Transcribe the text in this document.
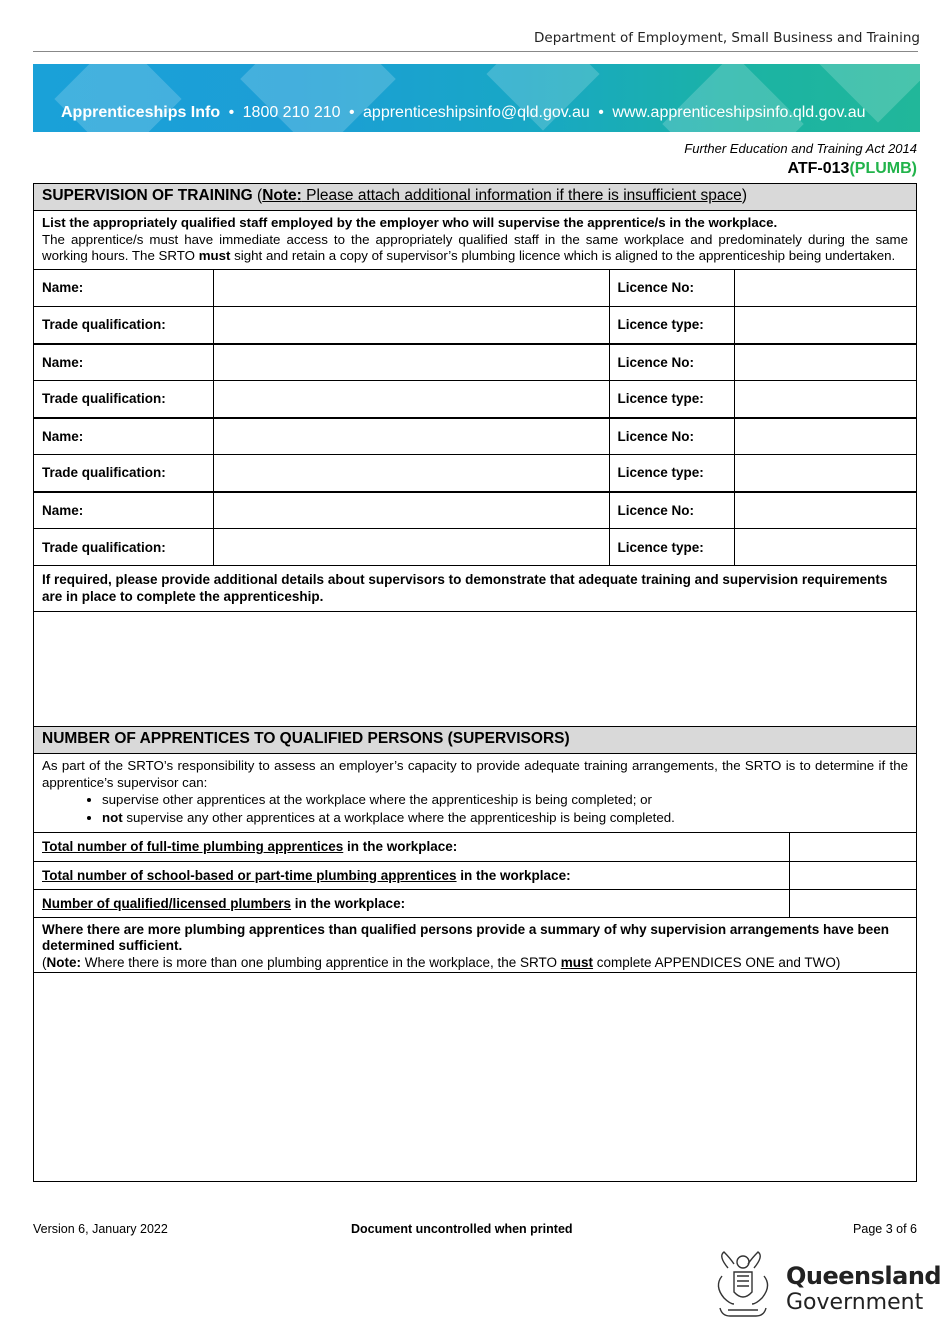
Department of Employment, Small Business and Training
Apprenticeships Info • 1800 210 210 • apprenticeshipsinfo@qld.gov.au • www.apprenticeshipsinfo.qld.gov.au
Further Education and Training Act 2014
ATF-013(PLUMB)
SUPERVISION OF TRAINING (Note: Please attach additional information if there is insufficient space)
List the appropriately qualified staff employed by the employer who will supervise the apprentice/s in the workplace.
The apprentice/s must have immediate access to the appropriately qualified staff in the same workplace and predominately during the same working hours. The SRTO must sight and retain a copy of supervisor’s plumbing licence which is aligned to the apprenticeship being undertaken.
Name:		Licence No:	
Trade qualification:		Licence type:	
Name:		Licence No:	
Trade qualification:		Licence type:	
Name:		Licence No:	
Trade qualification:		Licence type:	
Name:		Licence No:	
Trade qualification:		Licence type:	
If required, please provide additional details about supervisors to demonstrate that adequate training and supervision requirements are in place to complete the apprenticeship.
NUMBER OF APPRENTICES TO QUALIFIED PERSONS (SUPERVISORS)
As part of the SRTO’s responsibility to assess an employer’s capacity to provide adequate training arrangements, the SRTO is to determine if the apprentice’s supervisor can:
• supervise other apprentices at the workplace where the apprenticeship is being completed; or
• not supervise any other apprentices at a workplace where the apprenticeship is being completed.
Total number of full-time plumbing apprentices in the workplace:	
Total number of school-based or part-time plumbing apprentices in the workplace:	
Number of qualified/licensed plumbers in the workplace:	
Where there are more plumbing apprentices than qualified persons provide a summary of why supervision arrangements have been determined sufficient.
(Note: Where there is more than one plumbing apprentice in the workplace, the SRTO must complete APPENDICES ONE and TWO)
Version 6, January 2022	Document uncontrolled when printed	Page 3 of 6
Queensland
Government
